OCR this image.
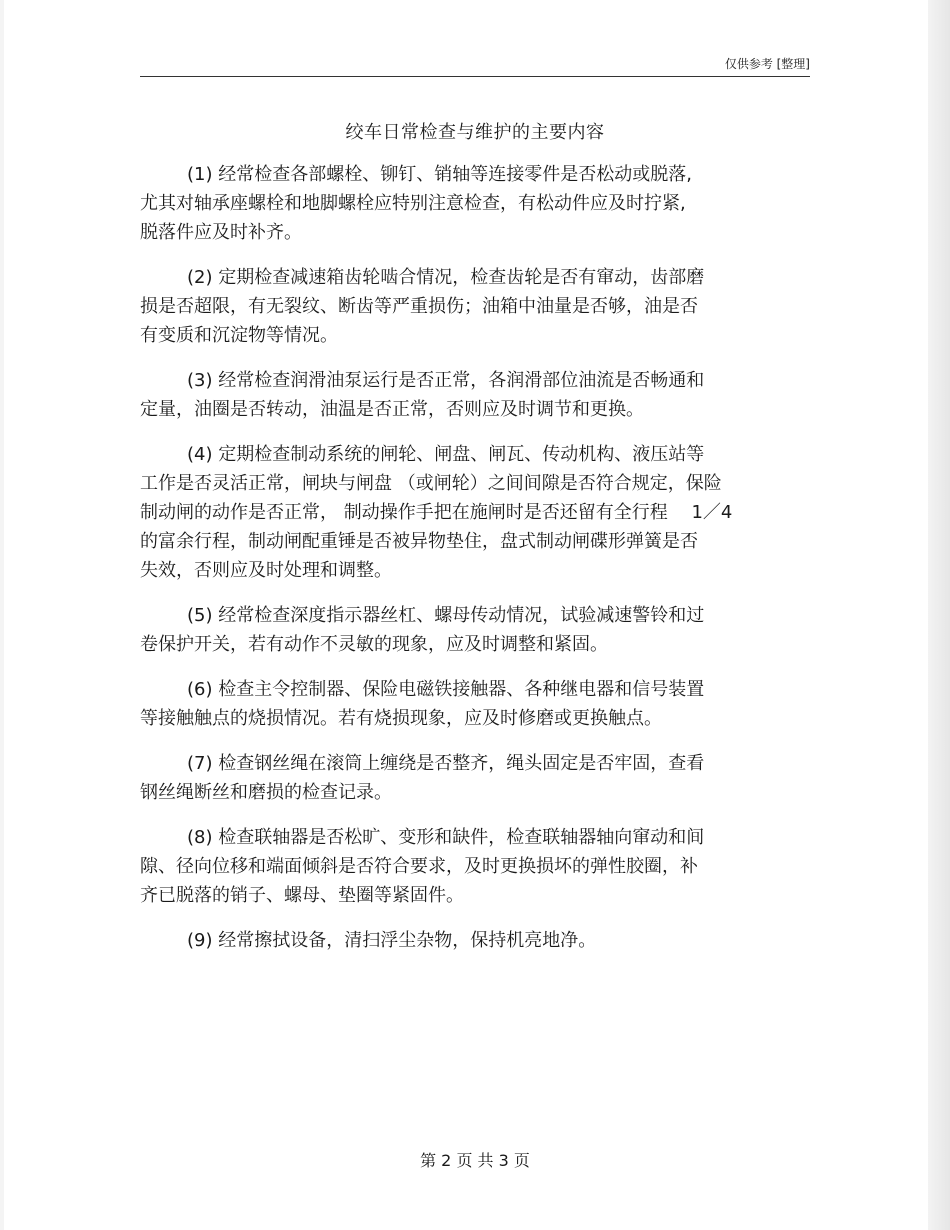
仅供参考 [整理]
绞车日常检查与维护的主要内容
(1) 经常检查各部螺栓、铆钉、销轴等连接零件是否松动或脱落,
尤其对轴承座螺栓和地脚螺栓应特别注意检查，有松动件应及时拧紧,
脱落件应及时补齐。
(2) 定期检查减速箱齿轮啮合情况，检查齿轮是否有窜动，齿部磨
损是否超限，有无裂纹、断齿等严重损伤；油箱中油量是否够，油是否
有变质和沉淀物等情况。
(3) 经常检查润滑油泵运行是否正常，各润滑部位油流是否畅通和
定量，油圈是否转动，油温是否正常，否则应及时调节和更换。
(4) 定期检查制动系统的闸轮、闸盘、闸瓦、传动机构、液压站等
工作是否灵活正常，闸块与闸盘 （或闸轮）之间间隙是否符合规定，保险
制动闸的动作是否正常， 制动操作手把在施闸时是否还留有全行程　 1／4
的富余行程，制动闸配重锤是否被异物垫住，盘式制动闸碟形弹簧是否
失效，否则应及时处理和调整。
(5) 经常检查深度指示器丝杠、螺母传动情况，试验减速警铃和过
卷保护开关，若有动作不灵敏的现象，应及时调整和紧固。
(6) 检查主令控制器、保险电磁铁接触器、各种继电器和信号装置
等接触触点的烧损情况。若有烧损现象，应及时修磨或更换触点。
(7) 检查钢丝绳在滚筒上缠绕是否整齐，绳头固定是否牢固，查看
钢丝绳断丝和磨损的检查记录。
(8) 检查联轴器是否松旷、变形和缺件，检查联轴器轴向窜动和间
隙、径向位移和端面倾斜是否符合要求，及时更换损坏的弹性胶圈，补
齐已脱落的销子、螺母、垫圈等紧固件。
(9) 经常擦拭设备，清扫浮尘杂物，保持机亮地净。
第 2 页 共 3 页
